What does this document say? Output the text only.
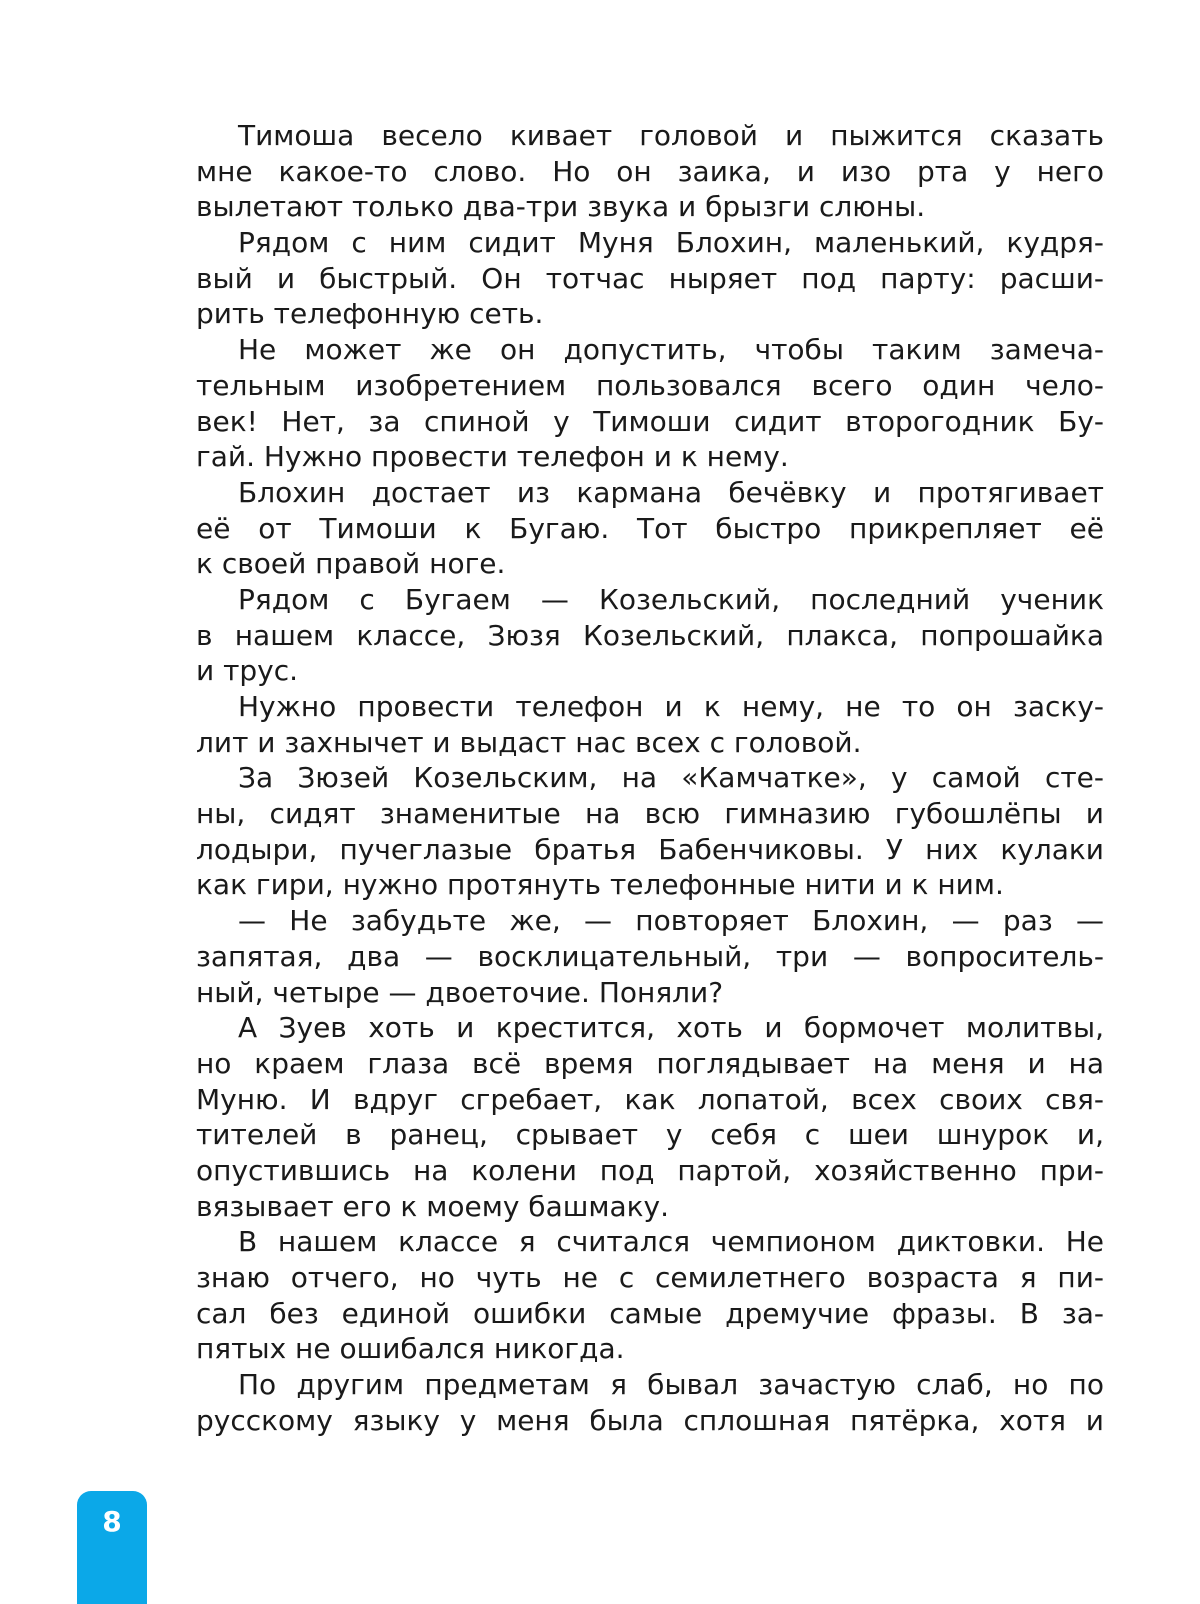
Тимоша весело кивает головой и пыжится сказать
мне какое-то слово. Но он заика, и изо рта у него
вылетают только два-три звука и брызги слюны.
Рядом с ним сидит Муня Блохин, маленький, кудря-
вый и быстрый. Он тотчас ныряет под парту: расши-
рить телефонную сеть.
Не может же он допустить, чтобы таким замеча-
тельным изобретением пользовался всего один чело-
век! Нет, за спиной у Тимоши сидит второгодник Бу-
гай. Нужно провести телефон и к нему.
Блохин достает из кармана бечёвку и протягивает
её от Тимоши к Бугаю. Тот быстро прикрепляет её
к своей правой ноге.
Рядом с Бугаем — Козельский, последний ученик
в нашем классе, Зюзя Козельский, плакса, попрошайка
и трус.
Нужно провести телефон и к нему, не то он заску-
лит и захнычет и выдаст нас всех с головой.
За Зюзей Козельским, на «Камчатке», у самой сте-
ны, сидят знаменитые на всю гимназию губошлёпы и
лодыри, пучеглазые братья Бабенчиковы. У них кулаки
как гири, нужно протянуть телефонные нити и к ним.
— Не забудьте же, — повторяет Блохин, — раз —
запятая, два — восклицательный, три — вопроситель-
ный, четыре — двоеточие. Поняли?
А Зуев хоть и крестится, хоть и бормочет молитвы,
но краем глаза всё время поглядывает на меня и на
Муню. И вдруг сгребает, как лопатой, всех своих свя-
тителей в ранец, срывает у себя с шеи шнурок и,
опустившись на колени под партой, хозяйственно при-
вязывает его к моему башмаку.
В нашем классе я считался чемпионом диктовки. Не
знаю отчего, но чуть не с семилетнего возраста я пи-
сал без единой ошибки самые дремучие фразы. В за-
пятых не ошибался никогда.
По другим предметам я бывал зачастую слаб, но по
русскому языку у меня была сплошная пятёрка, хотя и
8
